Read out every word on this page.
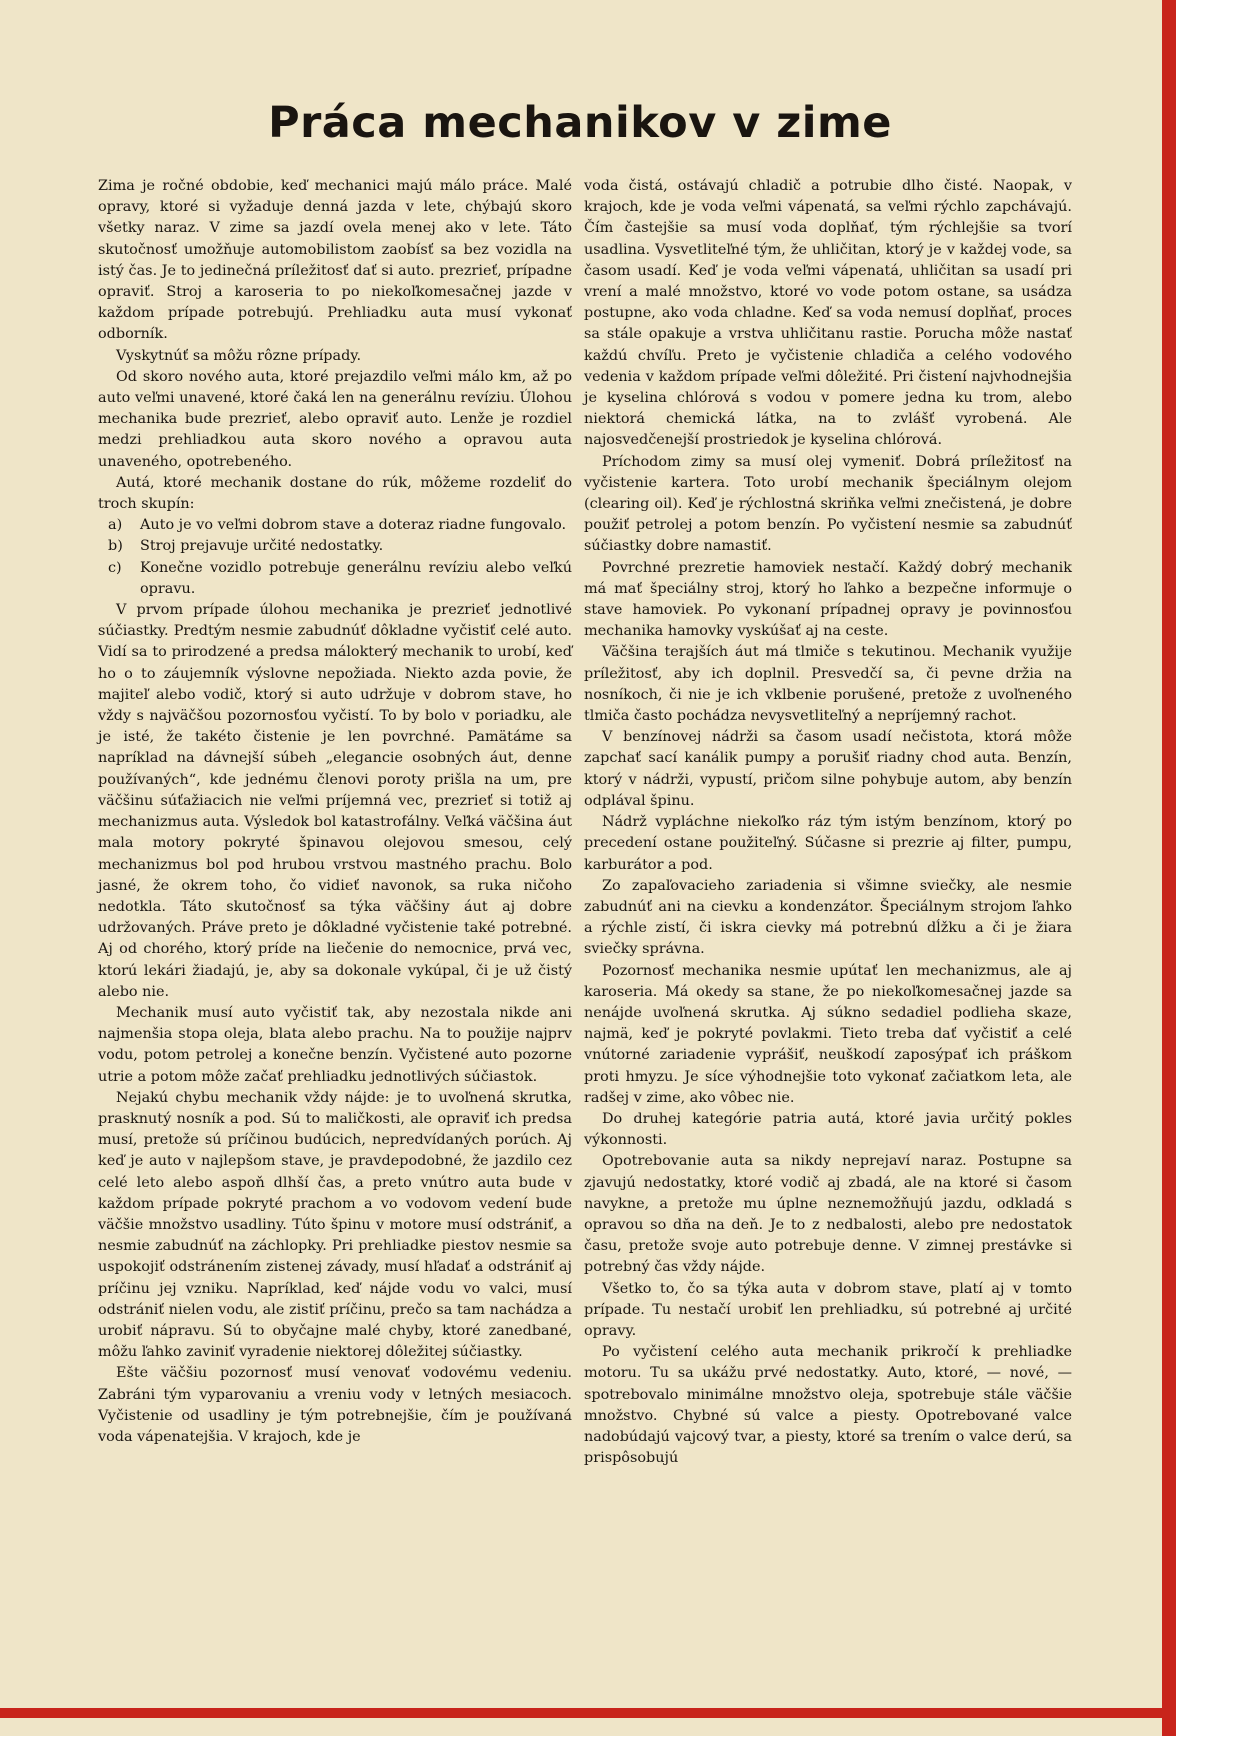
Práca mechanikov v zime

Zima je ročné obdobie, keď mechanici majú málo práce. Malé opravy, ktoré si vyžaduje denná jazda v lete, chýbajú skoro všetky naraz. V zime sa jazdí ovela menej ako v lete. Táto skutočnosť umožňuje automobilistom zaobísť sa bez vozidla na istý čas. Je to jedinečná príležitosť dať si auto. prezrieť, prípadne opraviť. Stroj a karoseria to po niekoľkomesačnej jazde v každom prípade potrebujú. Prehliadku auta musí vykonať odborník.

Vyskytnúť sa môžu rôzne prípady.

Od skoro nového auta, ktoré prejazdilo veľmi málo km, až po auto veľmi unavené, ktoré čaká len na generálnu revíziu. Úlohou mechanika bude prezrieť, alebo opraviť auto. Lenže je rozdiel medzi prehliadkou auta skoro nového a opravou auta unaveného, opotrebeného.

Autá, ktoré mechanik dostane do rúk, môžeme rozdeliť do troch skupín:

a)	Auto je vo veľmi dobrom stave a doteraz riadne fungovalo.
b)	Stroj prejavuje určité nedostatky.
c)	Konečne vozidlo potrebuje generálnu revíziu alebo veľkú opravu.

V prvom prípade úlohou mechanika je prezrieť jednotlivé súčiastky. Predtým nesmie zabudnúť dôkladne vyčistiť celé auto. Vidí sa to prirodzené a predsa málokterý mechanik to urobí, keď ho o to záujemník výslovne nepožiada. Niekto azda povie, že majiteľ alebo vodič, ktorý si auto udržuje v dobrom stave, ho vždy s najväčšou pozornosťou vyčistí. To by bolo v poriadku, ale je isté, že takéto čistenie je len povrchné. Pamätáme sa napríklad na dávnejší súbeh „elegancie osobných áut, denne používaných“, kde jednému členovi poroty prišla na um, pre väčšinu súťažiacich nie veľmi príjemná vec, prezrieť si totiž aj mechanizmus auta. Výsledok bol katastrofálny. Veľká väčšina áut mala motory pokryté špinavou olejovou smesou, celý mechanizmus bol pod hrubou vrstvou mastného prachu. Bolo jasné, že okrem toho, čo vidieť navonok, sa ruka ničoho nedotkla. Táto skutočnosť sa týka väčšiny áut aj dobre udržovaných. Práve preto je dôkladné vyčistenie také potrebné. Aj od chorého, ktorý príde na liečenie do nemocnice, prvá vec, ktorú lekári žiadajú, je, aby sa dokonale vykúpal, či je už čistý alebo nie.

Mechanik musí auto vyčistiť tak, aby nezostala nikde ani najmenšia stopa oleja, blata alebo prachu. Na to použije najprv vodu, potom petrolej a konečne benzín. Vyčistené auto pozorne utrie a potom môže začať prehliadku jednotlivých súčiastok.

Nejakú chybu mechanik vždy nájde: je to uvoľnená skrutka, prasknutý nosník a pod. Sú to maličkosti, ale opraviť ich predsa musí, pretože sú príčinou budúcich, nepredvídaných porúch. Aj keď je auto v najlepšom stave, je pravdepodobné, že jazdilo cez celé leto alebo aspoň dlhší čas, a preto vnútro auta bude v každom prípade pokryté prachom a vo vodovom vedení bude väčšie množstvo usadliny. Túto špinu v motore musí odstrániť, a nesmie zabudnúť na záchlopky. Pri prehliadke piestov nesmie sa uspokojiť odstránením zistenej závady, musí hľadať a odstrániť aj príčinu jej vzniku. Napríklad, keď nájde vodu vo valci, musí odstrániť nielen vodu, ale zistiť príčinu, prečo sa tam nachádza a urobiť nápravu. Sú to obyčajne malé chyby, ktoré zanedbané, môžu ľahko zaviniť vyradenie niektorej dôležitej súčiastky.

Ešte väčšiu pozornosť musí venovať vodovému vedeniu. Zabráni tým vyparovaniu a vreniu vody v letných mesiacoch. Vyčistenie od usadliny je tým potrebnejšie, čím je používaná voda vápenatejšia. V krajoch, kde je

voda čistá, ostávajú chladič a potrubie dlho čisté. Naopak, v krajoch, kde je voda veľmi vápenatá, sa veľmi rýchlo zapchávajú. Čím častejšie sa musí voda doplňať, tým rýchlejšie sa tvorí usadlina. Vysvetliteľné tým, že uhličitan, ktorý je v každej vode, sa časom usadí. Keď je voda veľmi vápenatá, uhličitan sa usadí pri vrení a malé množstvo, ktoré vo vode potom ostane, sa usádza postupne, ako voda chladne. Keď sa voda nemusí doplňať, proces sa stále opakuje a vrstva uhličitanu rastie. Porucha môže nastať každú chvíľu. Preto je vyčistenie chladiča a celého vodového vedenia v každom prípade veľmi dôležité. Pri čistení najvhodnejšia je kyselina chlórová s vodou v pomere jedna ku trom, alebo niektorá chemická látka, na to zvlášť vyrobená. Ale najosvedčenejší prostriedok je kyselina chlórová.

Príchodom zimy sa musí olej vymeniť. Dobrá príležitosť na vyčistenie kartera. Toto urobí mechanik špeciálnym olejom (clearing oil). Keď je rýchlostná skriňka veľmi znečistená, je dobre použiť petrolej a potom benzín. Po vyčistení nesmie sa zabudnúť súčiastky dobre namastiť.

Povrchné prezretie hamoviek nestačí. Každý dobrý mechanik má mať špeciálny stroj, ktorý ho ľahko a bezpečne informuje o stave hamoviek. Po vykonaní prípadnej opravy je povinnosťou mechanika hamovky vyskúšať aj na ceste.

Väčšina terajších áut má tlmiče s tekutinou. Mechanik využije príležitosť, aby ich doplnil. Presvedčí sa, či pevne držia na nosníkoch, či nie je ich vklbenie porušené, pretože z uvoľneného tlmiča často pochádza nevysvetliteľný a nepríjemný rachot.

V benzínovej nádrži sa časom usadí nečistota, ktorá môže zapchať sací kanálik pumpy a porušiť riadny chod auta. Benzín, ktorý v nádrži, vypustí, pričom silne pohybuje autom, aby benzín odplával špinu.

Nádrž vypláchne niekoľko ráz tým istým benzínom, ktorý po precedení ostane použiteľný. Súčasne si prezrie aj filter, pumpu, karburátor a pod.

Zo zapaľovacieho zariadenia si všimne sviečky, ale nesmie zabudnúť ani na cievku a kondenzátor. Špeciálnym strojom ľahko a rýchle zistí, či iskra cievky má potrebnú dĺžku a či je žiara sviečky správna.

Pozornosť mechanika nesmie upútať len mechanizmus, ale aj karoseria. Má okedy sa stane, že po niekoľkomesačnej jazde sa nenájde uvoľnená skrutka. Aj súkno sedadiel podlieha skaze, najmä, keď je pokryté povlakmi. Tieto treba dať vyčistiť a celé vnútorné zariadenie vyprášiť, neuškodí zaposýpať ich práškom proti hmyzu. Je síce výhodnejšie toto vykonať začiatkom leta, ale radšej v zime, ako vôbec nie.

Do druhej kategórie patria autá, ktoré javia určitý pokles výkonnosti.

Opotrebovanie auta sa nikdy neprejaví naraz. Postupne sa zjavujú nedostatky, ktoré vodič aj zbadá, ale na ktoré si časom navykne, a pretože mu úplne neznemožňujú jazdu, odkladá s opravou so dňa na deň. Je to z nedbalosti, alebo pre nedostatok času, pretože svoje auto potrebuje denne. V zimnej prestávke si potrebný čas vždy nájde.

Všetko to, čo sa týka auta v dobrom stave, platí aj v tomto prípade. Tu nestačí urobiť len prehliadku, sú potrebné aj určité opravy.

Po vyčistení celého auta mechanik prikročí k prehliadke motoru. Tu sa ukážu prvé nedostatky. Auto, ktoré, — nové, — spotrebovalo minimálne množstvo oleja, spotrebuje stále väčšie množstvo. Chybné sú valce a piesty. Opotrebované valce nadobúdajú vajcový tvar, a piesty, ktoré sa trením o valce derú, sa prispôsobujú
